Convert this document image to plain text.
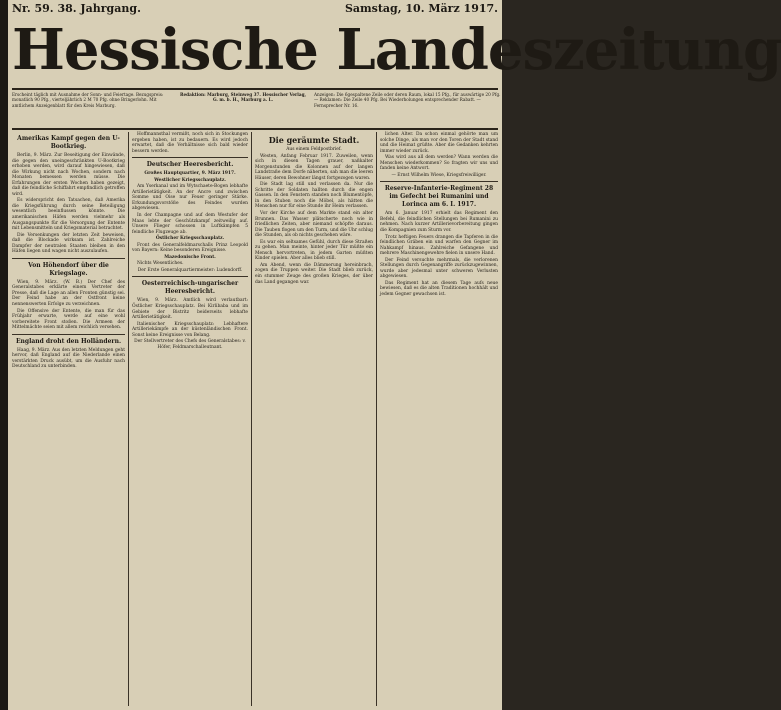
Nr. 59. 38. Jahrgang.	Samstag, 10. März 1917.
Hessische Landeszeitung
Erscheint täglich mit Ausnahme der Sonn- und Feiertage. Bezugspreis: monatlich 90 Pfg., vierteljährlich 2 M 70 Pfg. ohne Bringerlohn. Mit amtlichem Anzeigenblatt für den Kreis Marburg.
Redaktion: Marburg, Steinweg 37. Hessischer Verlag, G. m. b. H., Marburg a. L.
Anzeigen: Die 6gespaltene Zeile oder deren Raum, lokal 15 Pfg., für auswärtige 20 Pfg. — Reklamen: Die Zeile 40 Pfg. Bei Wiederholungen entsprechender Rabatt. — Fernsprecher Nr. 16.
Amerikas Kampf gegen den U-Bootkrieg.

Berlin, 9. März. Zur Beseitigung der Einwände, die gegen den uneingeschränkten U-Bootkrieg erhoben werden, wird darauf hingewiesen, daß die Wirkung nicht nach Wochen, sondern nach Monaten bemessen werden müsse. Die Erfahrungen der ersten Wochen haben gezeigt, daß die feindliche Schiffahrt empfindlich getroffen wird.

Es widerspricht den Tatsachen, daß Amerika die Kriegsführung durch seine Beteiligung wesentlich beeinflussen könnte. Die amerikanischen Häfen werden vielmehr als Ausgangspunkte für die Versorgung der Entente mit Lebensmitteln und Kriegsmaterial betrachtet.

Die Versenkungen der letzten Zeit beweisen, daß die Blockade wirksam ist. Zahlreiche Dampfer der neutralen Staaten bleiben in den Häfen liegen und wagen nicht auszulaufen.

Von Höhendorf über die Kriegslage.

Wien, 9. März. (W. B.) Der Chef des Generalstabes erklärte einem Vertreter der Presse, daß die Lage an allen Fronten günstig sei. Der Feind habe an der Ostfront keine nennenswerten Erfolge zu verzeichnen.

Die Offensive der Entente, die man für das Frühjahr erwarte, werde auf eine wohl vorbereitete Front stoßen. Die Armeen der Mittelmächte seien mit allem reichlich versehen.

England droht den Holländern.

Haag, 9. März. Aus den letzten Meldungen geht hervor, daß England auf die Niederlande einen verstärkten Druck ausübt, um die Ausfuhr nach Deutschland zu unterbinden.

Hoffmannsthal vermißt, noch sich in Stockungen ergeben haben, ist zu bedauern. Es wird jedoch erwartet, daß die Verhältnisse sich bald wieder bessern werden.

Deutscher Heeresbericht.

Großes Hauptquartier, 9. März 1917.

Westlicher Kriegsschauplatz.

Am Yserkanal und im Wytschaete-Bogen lebhafte Artillerietätigkeit. An der Ancre und zwischen Somme und Oise nur Feuer geringer Stärke. Erkundungsvorstöße des Feindes wurden abgewiesen.

In der Champagne und auf dem Westufer der Maas lebte der Geschützkampf zeitweilig auf. Unsere Flieger schossen in Luftkämpfen 5 feindliche Flugzeuge ab.

Östlicher Kriegsschauplatz.

Front des Generalfeldmarschalls Prinz Leopold von Bayern: Keine besonderen Ereignisse.

Mazedonische Front.

Nichts Wesentliches.

Der Erste Generalquartiermeister: Ludendorff.

Oesterreichisch-ungarischer Heeresbericht.

Wien, 9. März. Amtlich wird verlautbart: Östlicher Kriegsschauplatz. Bei Kirlibaba und im Gebiete der Bistritz beiderseits lebhafte Artillerietätigkeit.

Italienischer Kriegsschauplatz: Lebhaftere Artilleriekämpfe an der küstenländischen Front. Sonst keine Ereignisse von Belang.

Der Stellvertreter des Chefs des Generalstabes: v. Höfer, Feldmarschalleutnant.

Die geräumte Stadt.

Aus einem Feldpostbrief.

Westen, Anfang Februar 1917. Zuweilen, wenn sich in diesen Tagen grauer, naßkalter Morgenstunden die Kolonnen auf der langen Landstraße dem Dorfe näherten, sah man die leeren Häuser, deren Bewohner längst fortgezogen waren.

Die Stadt lag still und verlassen da. Nur die Schritte der Soldaten hallten durch die engen Gassen. In den Fenstern standen noch Blumentöpfe, in den Stuben noch die Möbel, als hätten die Menschen nur für eine Stunde ihr Heim verlassen.

Vor der Kirche auf dem Markte stand ein alter Brunnen. Das Wasser plätscherte noch wie in friedlichen Zeiten, aber niemand schöpfte daraus. Die Tauben flogen um den Turm, und die Uhr schlug die Stunden, als ob nichts geschehen wäre.

Es war ein seltsames Gefühl, durch diese Straßen zu gehen. Man meinte, hinter jeder Tür müßte ein Mensch hervortreten, in jedem Garten müßten Kinder spielen. Aber alles blieb still.

Am Abend, wenn die Dämmerung hereinbrach, zogen die Truppen weiter. Die Stadt blieb zurück, ein stummer Zeuge des großen Krieges, der über das Land gegangen war.

lichen Alter. Da schon einmal gehörte man um solche Dinge, als man vor den Toren der Stadt stand und die Heimat grüßte. Aber die Gedanken kehrten immer wieder zurück.

Was wird aus all dem werden? Wann werden die Menschen wiederkommen? So fragten wir uns und fanden keine Antwort.

— Ernst Wilhelm Wiese, Kriegsfreiwilliger.

Reserve-Infanterie-Regiment 28 im Gefecht bei Rumanini und Lorinca am 6. I. 1917.

Am 6. Januar 1917 erhielt das Regiment den Befehl, die feindlichen Stellungen bei Rumanini zu nehmen. Nach kurzer Artillerievorbereitung gingen die Kompagnien zum Sturm vor.

Trotz heftigen Feuers drangen die Tapferen in die feindlichen Gräben ein und warfen den Gegner im Nahkampf hinaus. Zahlreiche Gefangene und mehrere Maschinengewehre fielen in unsere Hand.

Der Feind versuchte mehrmals, die verlorenen Stellungen durch Gegenangriffe zurückzugewinnen, wurde aber jedesmal unter schweren Verlusten abgewiesen.

Das Regiment hat an diesem Tage aufs neue bewiesen, daß es die alten Traditionen hochhält und jedem Gegner gewachsen ist.
